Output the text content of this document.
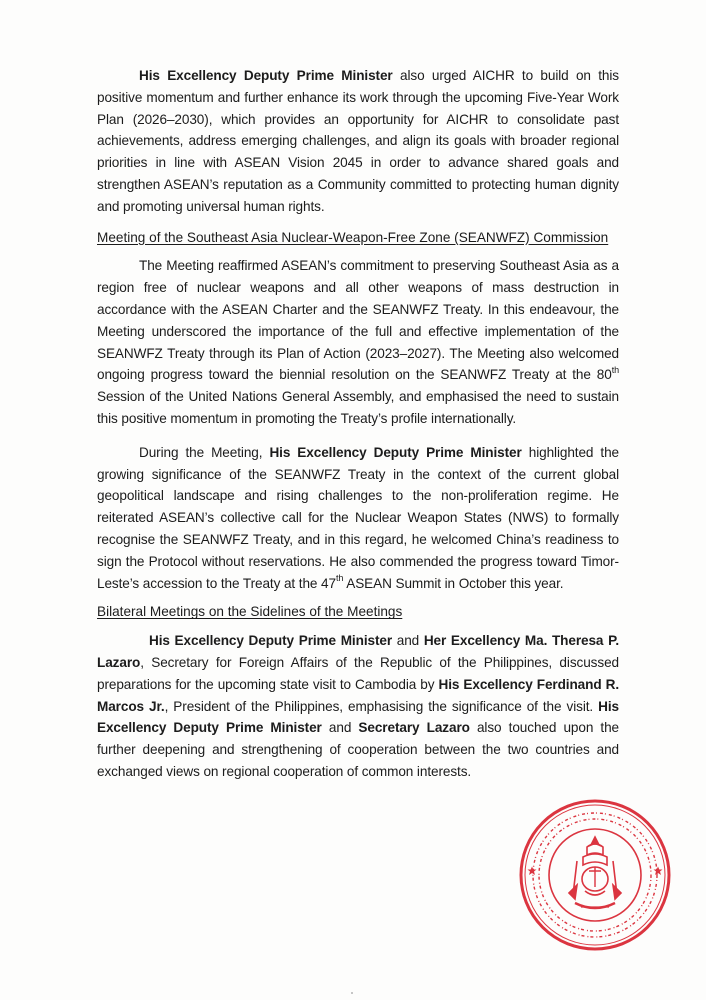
His Excellency Deputy Prime Minister also urged AICHR to build on this positive momentum and further enhance its work through the upcoming Five-Year Work Plan (2026–2030), which provides an opportunity for AICHR to consolidate past achievements, address emerging challenges, and align its goals with broader regional priorities in line with ASEAN Vision 2045 in order to advance shared goals and strengthen ASEAN’s reputation as a Community committed to protecting human dignity and promoting universal human rights.

Meeting of the Southeast Asia Nuclear-Weapon-Free Zone (SEANWFZ) Commission

The Meeting reaffirmed ASEAN’s commitment to preserving Southeast Asia as a region free of nuclear weapons and all other weapons of mass destruction in accordance with the ASEAN Charter and the SEANWFZ Treaty. In this endeavour, the Meeting underscored the importance of the full and effective implementation of the SEANWFZ Treaty through its Plan of Action (2023–2027). The Meeting also welcomed ongoing progress toward the biennial resolution on the SEANWFZ Treaty at the 80th Session of the United Nations General Assembly, and emphasised the need to sustain this positive momentum in promoting the Treaty’s profile internationally.

During the Meeting, His Excellency Deputy Prime Minister highlighted the growing significance of the SEANWFZ Treaty in the context of the current global geopolitical landscape and rising challenges to the non-proliferation regime. He reiterated ASEAN’s collective call for the Nuclear Weapon States (NWS) to formally recognise the SEANWFZ Treaty, and in this regard, he welcomed China’s readiness to sign the Protocol without reservations. He also commended the progress toward Timor-Leste’s accession to the Treaty at the 47th ASEAN Summit in October this year.

Bilateral Meetings on the Sidelines of the Meetings

His Excellency Deputy Prime Minister and Her Excellency Ma. Theresa P. Lazaro, Secretary for Foreign Affairs of the Republic of the Philippines, discussed preparations for the upcoming state visit to Cambodia by His Excellency Ferdinand R. Marcos Jr., President of the Philippines, emphasising the significance of the visit. His Excellency Deputy Prime Minister and Secretary Lazaro also touched upon the further deepening and strengthening of cooperation between the two countries and exchanged views on regional cooperation of common interests.
